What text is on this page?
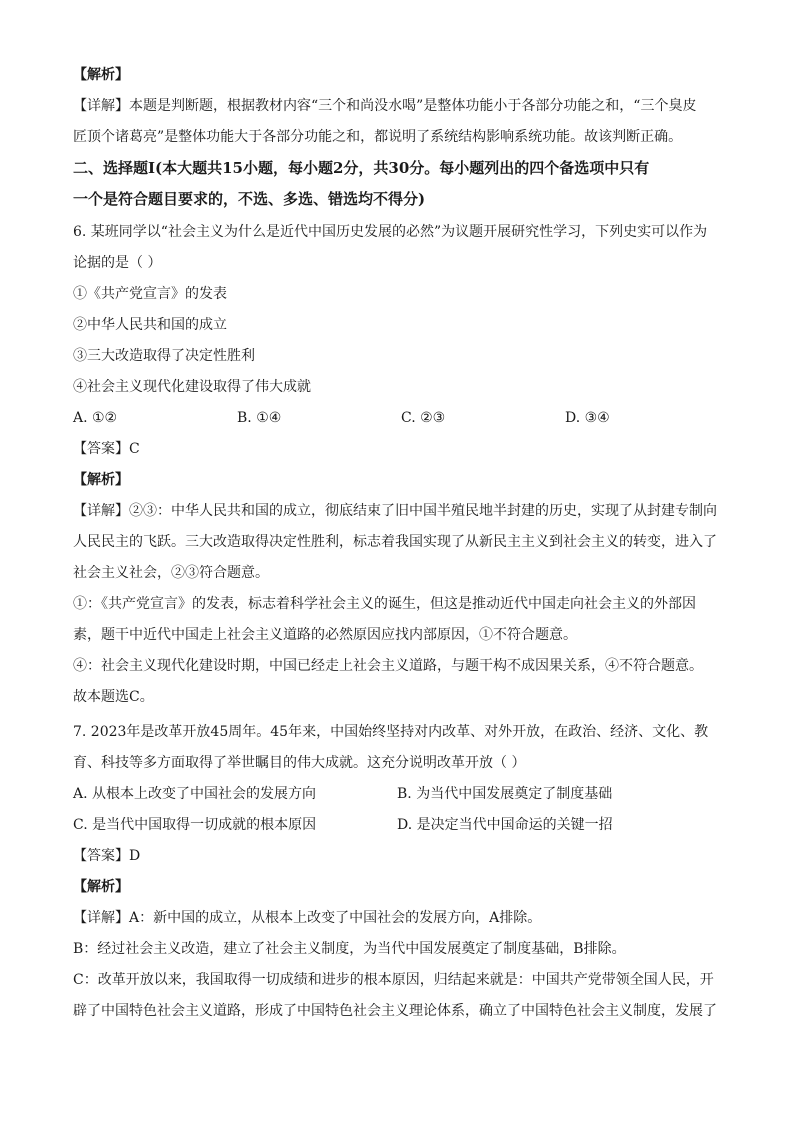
【解析】
【详解】本题是判断题，根据教材内容“三个和尚没水喝”是整体功能小于各部分功能之和，“三个臭皮
匠顶个诸葛亮”是整体功能大于各部分功能之和，都说明了系统结构影响系统功能。故该判断正确。
二、选择题Ⅰ(本大题共15小题，每小题2分，共30分。每小题列出的四个备选项中只有
一个是符合题目要求的，不选、多选、错选均不得分)
6. 某班同学以“社会主义为什么是近代中国历史发展的必然”为议题开展研究性学习，下列史实可以作为
论据的是（ ）
①《共产党宣言》的发表
②中华人民共和国的成立
③三大改造取得了决定性胜利
④社会主义现代化建设取得了伟大成就
A. ①②	B. ①④	C. ②③	D. ③④
【答案】C
【解析】
【详解】②③：中华人民共和国的成立，彻底结束了旧中国半殖民地半封建的历史，实现了从封建专制向
人民民主的飞跃。三大改造取得决定性胜利，标志着我国实现了从新民主主义到社会主义的转变，进入了
社会主义社会，②③符合题意。
①：《共产党宣言》的发表，标志着科学社会主义的诞生，但这是推动近代中国走向社会主义的外部因
素，题干中近代中国走上社会主义道路的必然原因应找内部原因，①不符合题意。
④：社会主义现代化建设时期，中国已经走上社会主义道路，与题干构不成因果关系，④不符合题意。
故本题选C。
7. 2023年是改革开放45周年。45年来，中国始终坚持对内改革、对外开放，在政治、经济、文化、教
育、科技等多方面取得了举世瞩目的伟大成就。这充分说明改革开放（ ）
A. 从根本上改变了中国社会的发展方向	B. 为当代中国发展奠定了制度基础
C. 是当代中国取得一切成就的根本原因	D. 是决定当代中国命运的关键一招
【答案】D
【解析】
【详解】A：新中国的成立，从根本上改变了中国社会的发展方向，A排除。
B：经过社会主义改造，建立了社会主义制度，为当代中国发展奠定了制度基础，B排除。
C：改革开放以来，我国取得一切成绩和进步的根本原因，归结起来就是：中国共产党带领全国人民，开
辟了中国特色社会主义道路，形成了中国特色社会主义理论体系，确立了中国特色社会主义制度，发展了
